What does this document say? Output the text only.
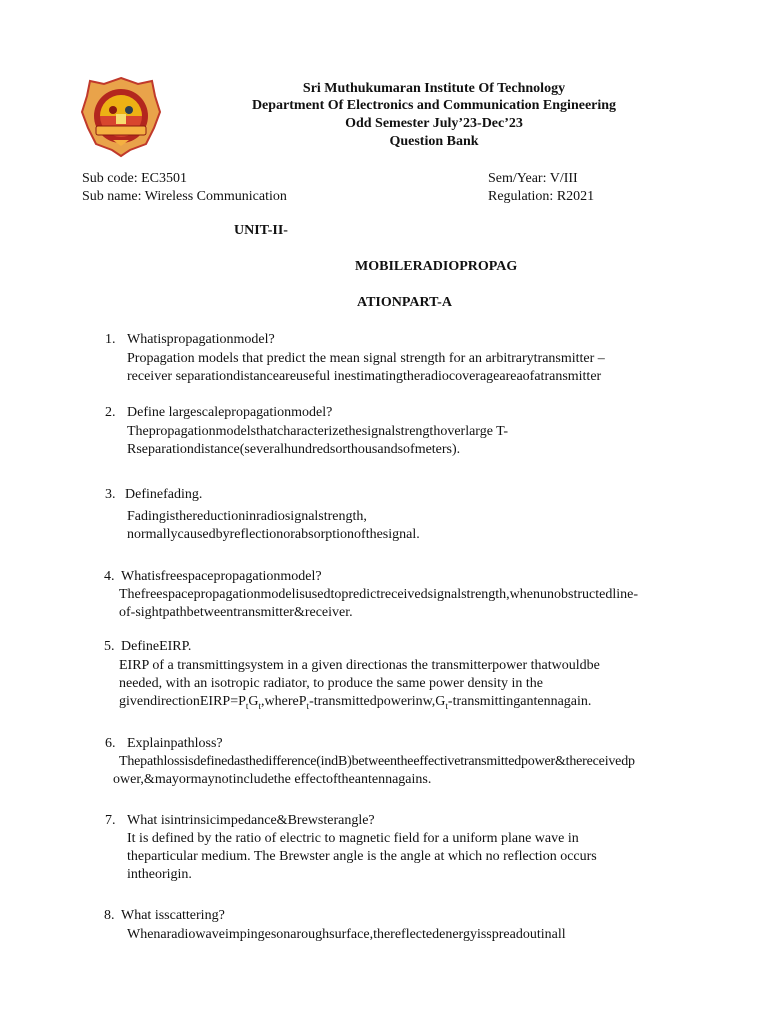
Sri Muthukumaran Institute Of Technology
Department Of Electronics and Communication Engineering
Odd Semester July’23-Dec’23
Question Bank
Sub code: EC3501
Sub name: Wireless Communication
Sem/Year: V/III
Regulation: R2021
UNIT-II-
MOBILERADIOPROPAG
ATIONPART-A
1. Whatispropagationmodel?
Propagation models that predict the mean signal strength for an arbitrarytransmitter –
receiver separationdistanceareuseful inestimatingtheradiocoverageareaofatransmitter
2. Define largescalepropagationmodel?
Thepropagationmodelsthatcharacterizethesignalstrengthoverlarge T-
Rseparationdistance(severalhundredsorthousandsofmeters).
3. Definefading.
Fadingisthereductioninradiosignalstrength,
normallycausedbyreflectionorabsorptionofthesignal.
4. Whatisfreespacepropagationmodel?
Thefreespacepropagationmodelisusedtopredictreceivedsignalstrength,whenunobstructedline-
of-sightpathbetweentransmitter&receiver.
5. DefineEIRP.
EIRP of a transmittingsystem in a given directionas the transmitterpower thatwouldbe
needed, with an isotropic radiator, to produce the same power density in the
$givendirectionEIRP=P_tG_t,whereP_t-transmittedpowerinw,G_t$-transmittingantennagain.
6. Explainpathloss?
Thepathlossisdefinedasthedifference(indB)betweentheeffectivetransmittedpower&thereceivedp
ower,&mayormaynotincludethe effectoftheantennagains.
7. What isintrinsicimpedance&Brewsterangle?
It is defined by the ratio of electric to magnetic field for a uniform plane wave in
theparticular medium. The Brewster angle is the angle at which no reflection occurs
intheorigin.
8. What isscattering?
Whenaradiowaveimpingesonaroughsurface,thereflectedenergyisspreadoutinall
